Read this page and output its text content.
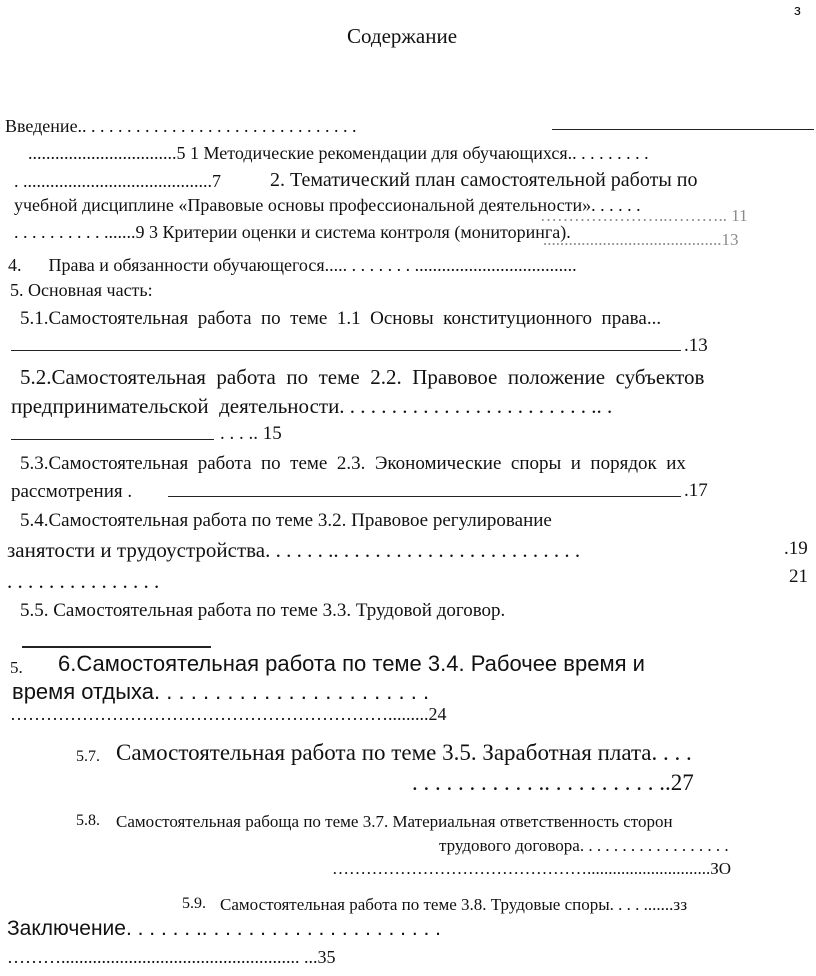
з
Содержание
Введение.. . . . . . . . . . . . . . . . . . . . . . . . . . . . . . .
.................................5 1 Методические рекомендации для обучающихся.. . . . . . . . .
. ..........................................7 2. Тематический план самостоятельной работы по
учебной дисциплине «Правовые основы профессиональной деятельности». . . . . .
…………………..……….. 11
. . . . . . . . . . .......9 3 Критерии оценки и система контроля (мониторинга).
..........................................13
4.      Права и обязанности обучающегося..... . . . . . . . ....................................
5. Основная часть:
5.1.Самостоятельная  работа  по  теме  1.1  Основы  конституционного  права...
.13
5.2.Самостоятельная  работа  по  теме  2.2.  Правовое  положение  субъектов
предпринимательской  деятельности. . . . . . . . . . . . . . . . . . . . . . . . .. .
. . . .. 15
5.3.Самостоятельная  работа  по  теме  2.3.  Экономические  споры  и  порядок  их
рассмотрения .	.17
5.4.Самостоятельная работа по теме 3.2. Правовое регулирование
занятости и трудоустройства. . . . . . .. . . . . . . . . . . . . . . . . . . . . . . .	.19
. . . . . . . . . . . . . . .	21
5.5. Самостоятельная работа по теме 3.3. Трудовой договор.
5. 6.Самостоятельная работа по теме 3.4. Рабочее время и
время отдыха. . . . . . . . . . . . . . . . . . . . . . .
……………………………………………………….........24
5.7. Самостоятельная работа по теме 3.5. Заработная плата. . . .
. . . . . . . . . . . .. . . . . . . . . . ..27
5.8. Самостоятельная рабоща по теме 3.7. Материальная ответственность сторон
трудового договора. . . . . . . . . . . . . . . . . .
……………………………………….............................ЗО
5.9. Самостоятельная работа по теме 3.8. Трудовые споры. . . . .......зз
Заключение. . . . . . .. . . . . . . . . . . . . . . . . . . . .
………..................................................... ...35
